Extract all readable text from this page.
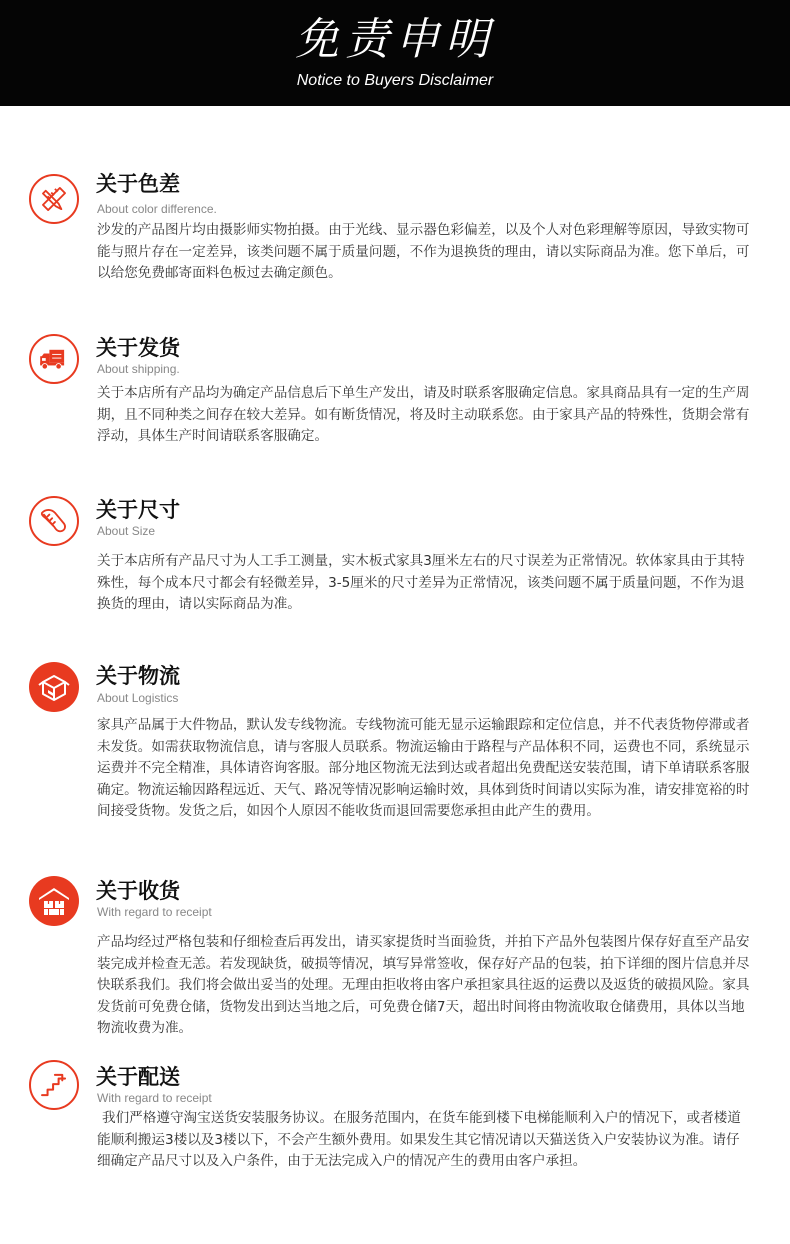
免责申明
Notice to Buyers Disclaimer
关于色差
About color difference.
沙发的产品图片均由摄影师实物拍摄。由于光线、显示器色彩偏差，以及个人对色彩理解等原因，导致实物可能与照片存在一定差异，该类问题不属于质量问题，不作为退换货的理由，请以实际商品为准。您下单后，可以给您免费邮寄面料色板过去确定颜色。
关于发货
About shipping.
关于本店所有产品均为确定产品信息后下单生产发出，请及时联系客服确定信息。家具商品具有一定的生产周期，且不同种类之间存在较大差异。如有断货情况，将及时主动联系您。由于家具产品的特殊性，货期会常有浮动，具体生产时间请联系客服确定。
关于尺寸
About Size
关于本店所有产品尺寸为人工手工测量，实木板式家具3厘米左右的尺寸误差为正常情况。软体家具由于其特殊性，每个成本尺寸都会有轻微差异，3-5厘米的尺寸差异为正常情况，该类问题不属于质量问题，不作为退换货的理由，请以实际商品为准。
关于物流
About Logistics
家具产品属于大件物品，默认发专线物流。专线物流可能无显示运输跟踪和定位信息，并不代表货物停滞或者未发货。如需获取物流信息，请与客服人员联系。物流运输由于路程与产品体积不同，运费也不同，系统显示运费并不完全精准，具体请咨询客服。部分地区物流无法到达或者超出免费配送安装范围，请下单请联系客服确定。物流运输因路程远近、天气、路况等情况影响运输时效，具体到货时间请以实际为准，请安排宽裕的时间接受货物。发货之后，如因个人原因不能收货而退回需要您承担由此产生的费用。
关于收货
With regard to receipt
产品均经过严格包装和仔细检查后再发出，请买家提货时当面验货，并拍下产品外包装图片保存好直至产品安装完成并检查无恙。若发现缺货，破损等情况，填写异常签收，保存好产品的包装，拍下详细的图片信息并尽快联系我们。我们将会做出妥当的处理。无理由拒收将由客户承担家具往返的运费以及返货的破损风险。家具发货前可免费仓储，货物发出到达当地之后，可免费仓储7天，超出时间将由物流收取仓储费用，具体以当地物流收费为准。
关于配送
With regard to receipt
我们严格遵守淘宝送货安装服务协议。在服务范围内，在货车能到楼下电梯能顺利入户的情况下，或者楼道能顺利搬运3楼以及3楼以下，不会产生额外费用。如果发生其它情况请以天猫送货入户安装协议为准。请仔细确定产品尺寸以及入户条件，由于无法完成入户的情况产生的费用由客户承担。
